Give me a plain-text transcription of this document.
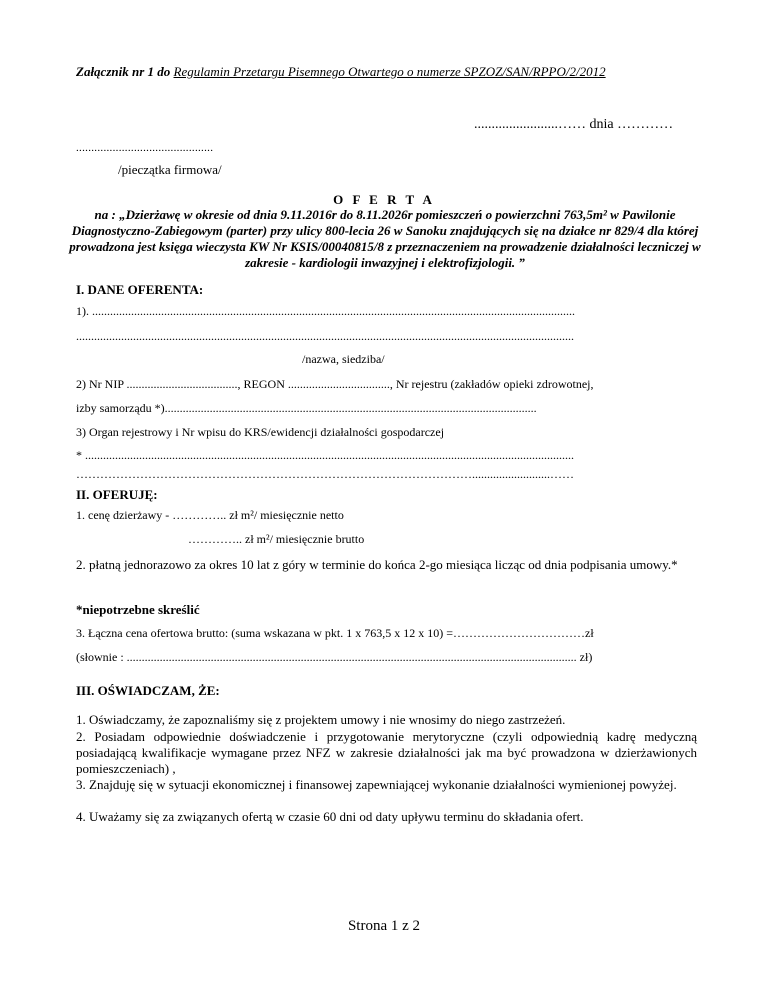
Załącznik nr 1 do Regulamin Przetargu Pisemnego Otwartego o numerze SPZOZ/SAN/RPPO/2/2012
........................…… dnia …………
.............................................
/pieczątka firmowa/
O F E R T A
na : „Dzierżawę w okresie od dnia 9.11.2016r do 8.11.2026r pomieszczeń o powierzchni 763,5m² w Pawilonie Diagnostyczno-Zabiegowym (parter) przy ulicy 800-lecia 26 w Sanoku znajdujących się na działce nr 829/4 dla której prowadzona jest księga wieczysta KW Nr KSIS/00040815/8 z przeznaczeniem na prowadzenie działalności leczniczej w zakresie - kardiologii inwazyjnej i elektrofizjologii. ”
I. DANE OFERENTA:
1). .................................................................................................................................................................
......................................................................................................................................................................
/nazwa, siedziba/
2) Nr NIP ....................................., REGON .................................., Nr rejestru (zakładów opieki zdrowotnej,
izby samorządu *)............................................................................................................................
3) Organ rejestrowy i Nr wpisu do KRS/ewidencji działalności gospodarczej
* ...................................................................................................................................................................
………………………………………………………………………………………..........................……
II. OFERUJĘ:
1. cenę dzierżawy - ………….. zł m²/ miesięcznie netto
………….. zł m²/ miesięcznie brutto
2. płatną jednorazowo za okres 10 lat z góry w terminie do końca 2-go miesiąca licząc od dnia podpisania umowy.*
*niepotrzebne skreślić
3. Łączna cena ofertowa brutto: (suma wskazana w pkt. 1 x 763,5 x 12 x 10) =……………………………zł
(słownie : ...................................................................................................................................................... zł)
III. OŚWIADCZAM, ŻE:
1. Oświadczamy, że zapoznaliśmy się z projektem umowy i nie wnosimy do niego zastrzeżeń.
2. Posiadam odpowiednie doświadczenie i przygotowanie merytoryczne (czyli odpowiednią kadrę medyczną posiadającą kwalifikacje wymagane przez NFZ w zakresie działalności jak ma być prowadzona w dzierżawionych pomieszczeniach) ,
3. Znajduję się w sytuacji ekonomicznej i finansowej zapewniającej wykonanie działalności wymienionej powyżej.
4. Uważamy się za związanych ofertą w czasie 60 dni od daty upływu terminu do składania ofert.
Strona 1 z 2
